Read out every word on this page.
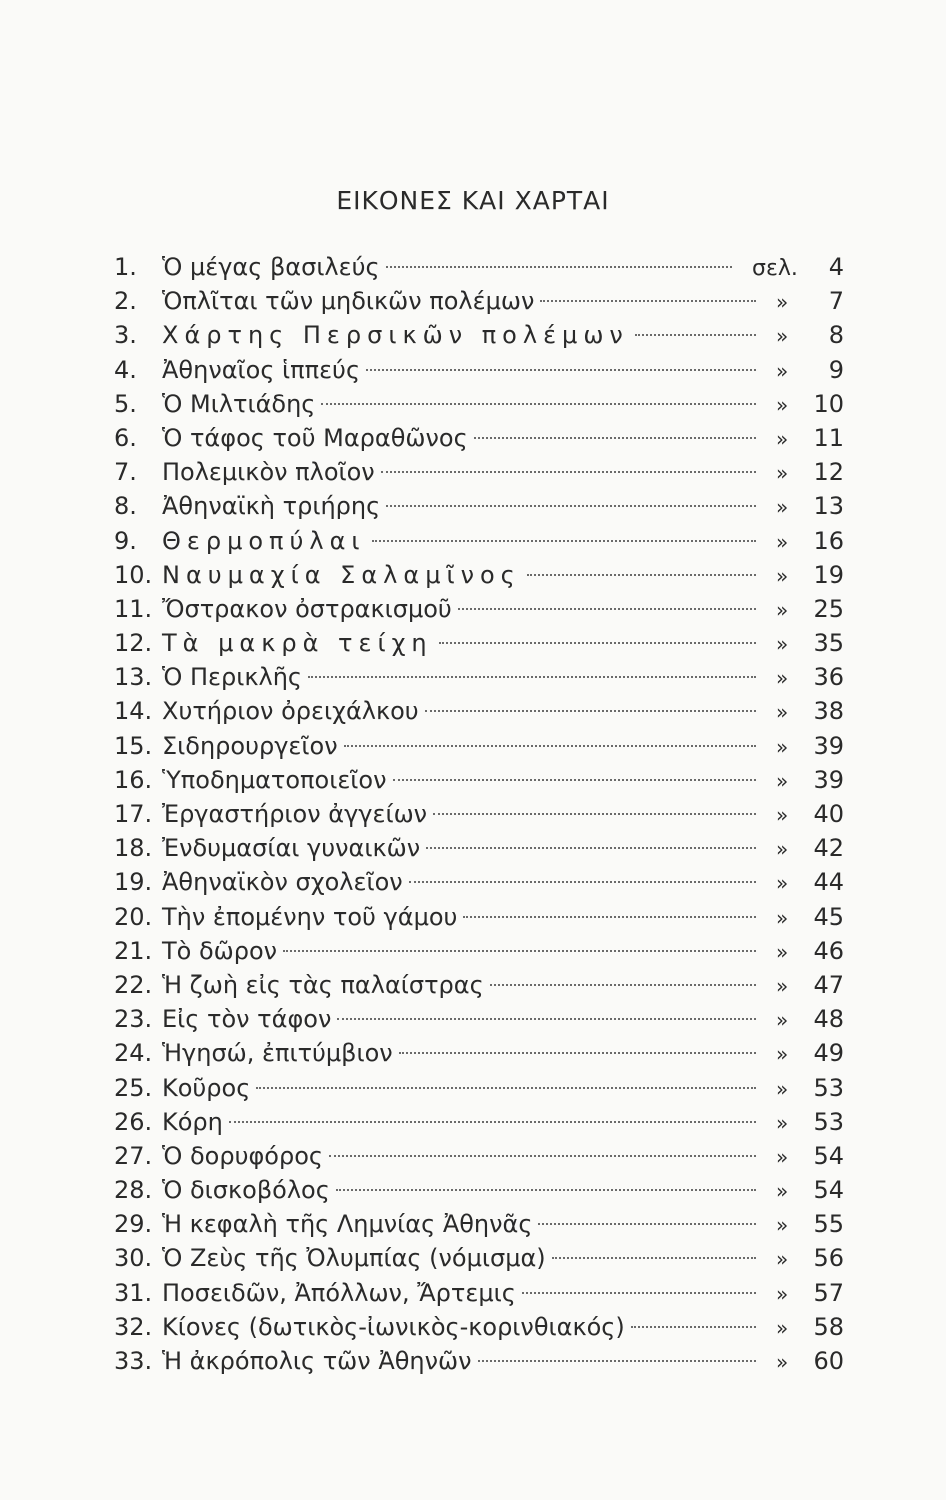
ΕΙΚΟΝΕΣ ΚΑΙ ΧΑΡΤΑΙ
1.	Ὁ μέγας βασιλεύς	σελ.	4
2.	Ὁπλῖται τῶν μηδικῶν πολέμων	»	7
3.	Χάρτης Περσικῶν πολέμων	»	8
4.	Ἀθηναῖος ἱππεύς	»	9
5.	Ὁ Μιλτιάδης	»	10
6.	Ὁ τάφος τοῦ Μαραθῶνος	»	11
7.	Πολεμικὸν πλοῖον	»	12
8.	Ἀθηναϊκὴ τριήρης	»	13
9.	Θερμοπύλαι	»	16
10. Ναυμαχία Σαλαμῖνος	»	19
11. Ὄστρακον ὀστρακισμοῦ	»	25
12. Τὰ μακρὰ τείχη	»	35
13. Ὁ Περικλῆς	»	36
14. Χυτήριον ὀρειχάλκου	»	38
15. Σιδηρουργεῖον	»	39
16. Ὑποδηματοποιεῖον	»	39
17. Ἐργαστήριον ἀγγείων	»	40
18. Ἐνδυμασίαι γυναικῶν	»	42
19. Ἀθηναϊκὸν σχολεῖον	»	44
20. Τὴν ἐπομένην τοῦ γάμου	»	45
21. Τὸ δῶρον	»	46
22. Ἡ ζωὴ εἰς τὰς παλαίστρας	»	47
23. Εἰς τὸν τάφον	»	48
24. Ἡγησώ, ἐπιτύμβιον	»	49
25. Κοῦρος	»	53
26. Κόρη	»	53
27. Ὁ δορυφόρος	»	54
28. Ὁ δισκοβόλος	»	54
29. Ἡ κεφαλὴ τῆς Λημνίας Ἀθηνᾶς	»	55
30. Ὁ Ζεὺς τῆς Ὀλυμπίας (νόμισμα)	»	56
31. Ποσειδῶν, Ἀπόλλων, Ἄρτεμις	»	57
32. Κίονες (δωτικὸς-ἰωνικὸς-κορινθιακός)	»	58
33. Ἡ ἀκρόπολις τῶν Ἀθηνῶν	»	60
